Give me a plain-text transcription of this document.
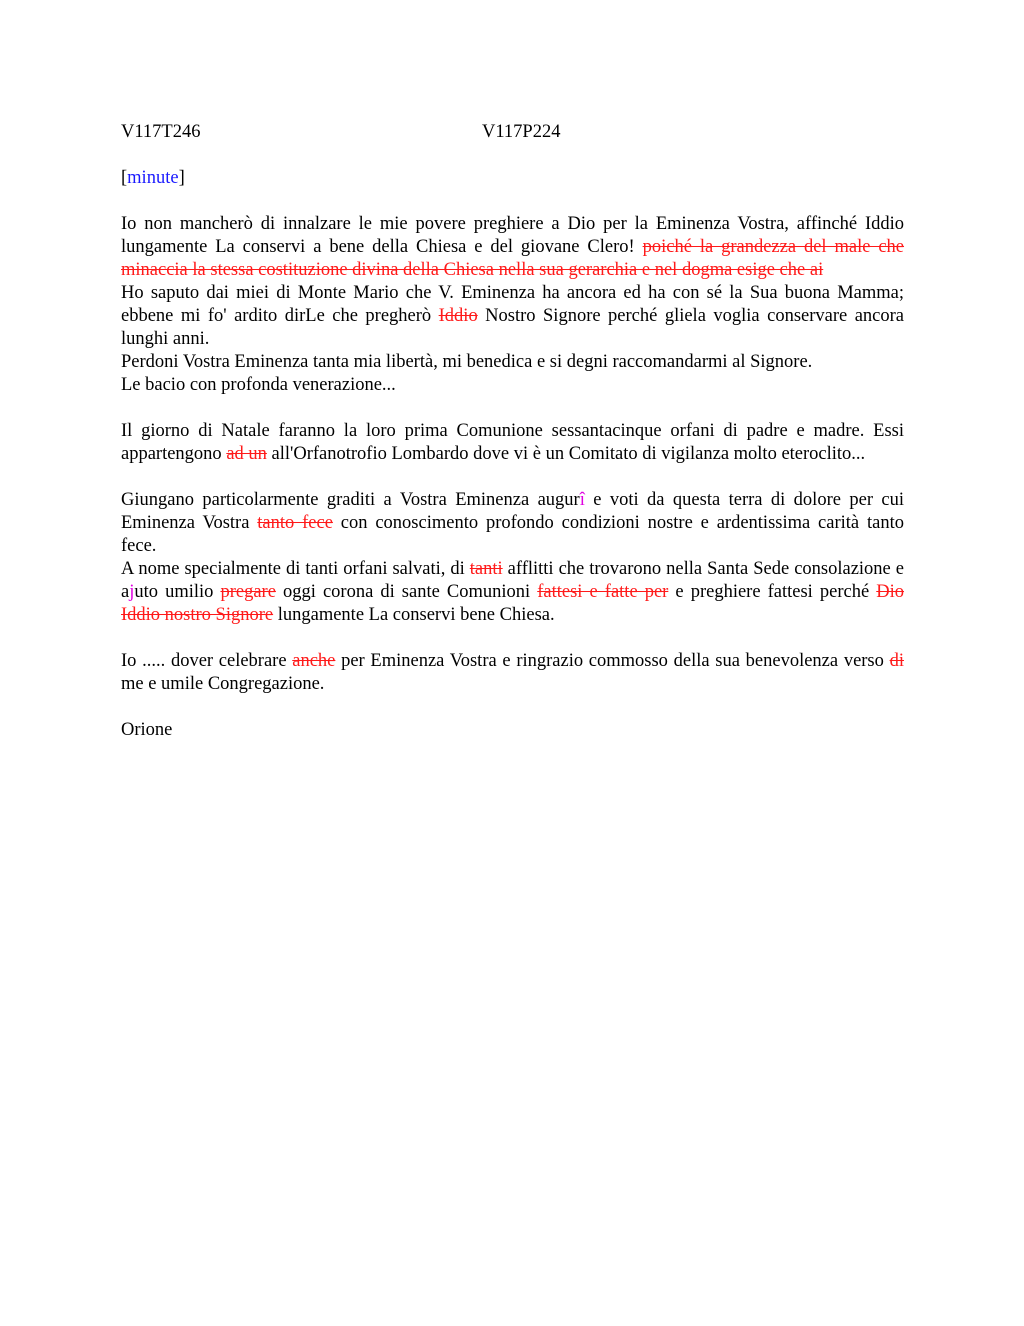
V117T246	V117P224
[minute]

Io non mancherò di innalzare le mie povere preghiere a Dio per la Eminenza Vostra, affinché Iddio lungamente La conservi a bene della Chiesa e del giovane Clero! poiché la grandezza del male che minaccia la stessa costituzione divina della Chiesa nella sua gerarchia e nel dogma esige che ai
Ho saputo dai miei di Monte Mario che V. Eminenza ha ancora ed ha con sé la Sua buona Mamma; ebbene mi fo' ardito dirLe che pregherò Iddio Nostro Signore perché gliela voglia conservare ancora lunghi anni.
Perdoni Vostra Eminenza tanta mia libertà, mi benedica e si degni raccomandarmi al Signore.
Le bacio con profonda venerazione...

Il giorno di Natale faranno la loro prima Comunione sessantacinque orfani di padre e madre. Essi appartengono ad un all'Orfanotrofio Lombardo dove vi è un Comitato di vigilanza molto eteroclito...

Giungano particolarmente graditi a Vostra Eminenza augurî e voti da questa terra di dolore per cui Eminenza Vostra tanto fece con conoscimento profondo condizioni nostre e ardentissima carità tanto fece.
A nome specialmente di tanti orfani salvati, di tanti afflitti che trovarono nella Santa Sede consolazione e ajuto umilio pregare oggi corona di sante Comunioni fattesi e fatte per e preghiere fattesi perché Dio Iddio nostro Signore lungamente La conservi bene Chiesa.

Io ..... dover celebrare anche per Eminenza Vostra e ringrazio commosso della sua benevolenza verso di me e umile Congregazione.

Orione
